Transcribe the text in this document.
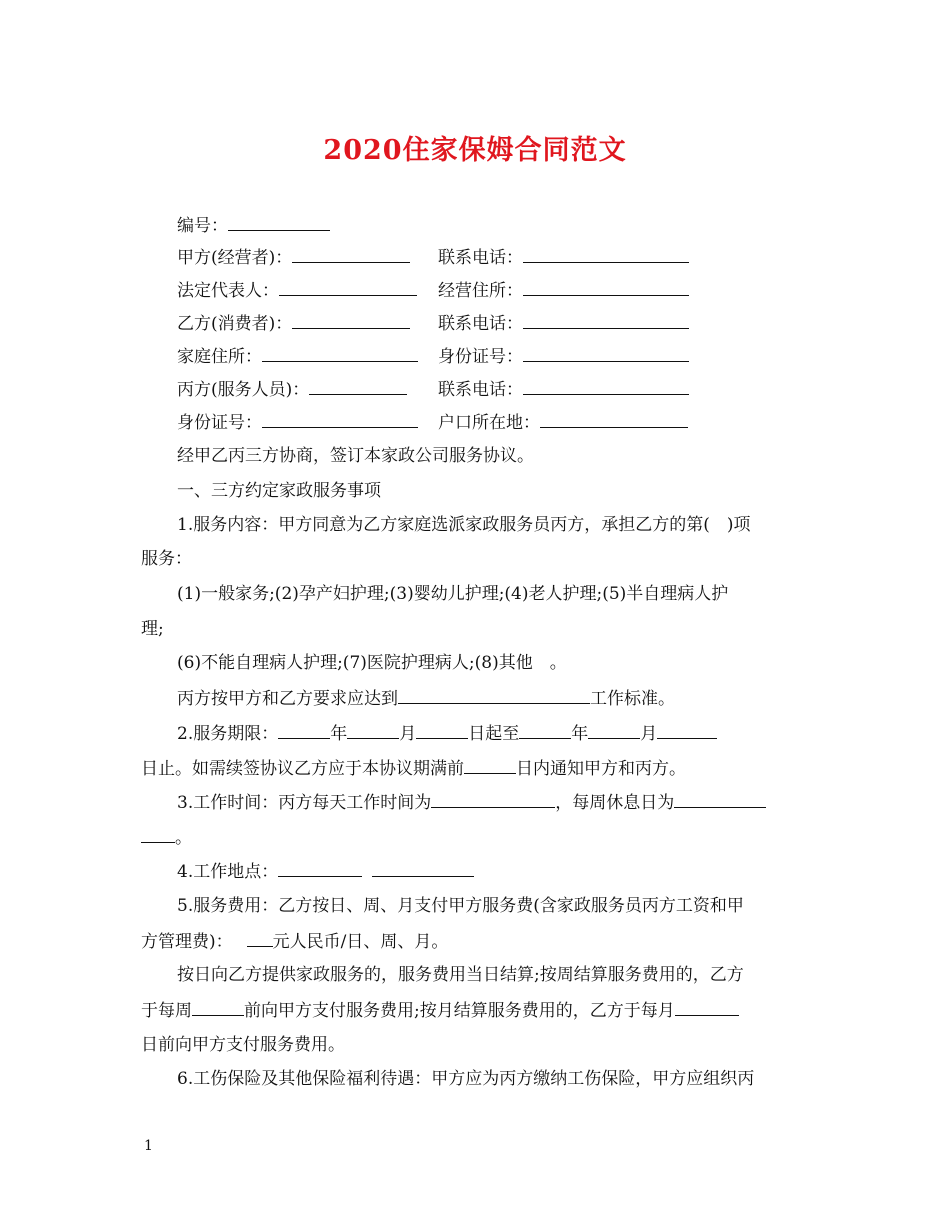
2020住家保姆合同范文
编号：
甲方(经营者)：	联系电话：
法定代表人：	经营住所：
乙方(消费者)：	联系电话：
家庭住所：	身份证号：
丙方(服务人员)：	联系电话：
身份证号：	户口所在地：
经甲乙丙三方协商，签订本家政公司服务协议。
一、三方约定家政服务事项
1.服务内容：甲方同意为乙方家庭选派家政服务员丙方，承担乙方的第(　)项
服务：
(1)一般家务;(2)孕产妇护理;(3)婴幼儿护理;(4)老人护理;(5)半自理病人护
理;
(6)不能自理病人护理;(7)医院护理病人;(8)其他　。
丙方按甲方和乙方要求应达到	工作标准。
2.服务期限：	年	月	日起至	年	月
日止。如需续签协议乙方应于本协议期满前	日内通知甲方和丙方。
3.工作时间：丙方每天工作时间为	，每周休息日为
。
4.工作地点：
5.服务费用：乙方按日、周、月支付甲方服务费(含家政服务员丙方工资和甲
方管理费)： 元人民币/日、周、月。
按日向乙方提供家政服务的，服务费用当日结算;按周结算服务费用的，乙方
于每周	前向甲方支付服务费用;按月结算服务费用的，乙方于每月
日前向甲方支付服务费用。
6.工伤保险及其他保险福利待遇：甲方应为丙方缴纳工伤保险，甲方应组织丙
1
